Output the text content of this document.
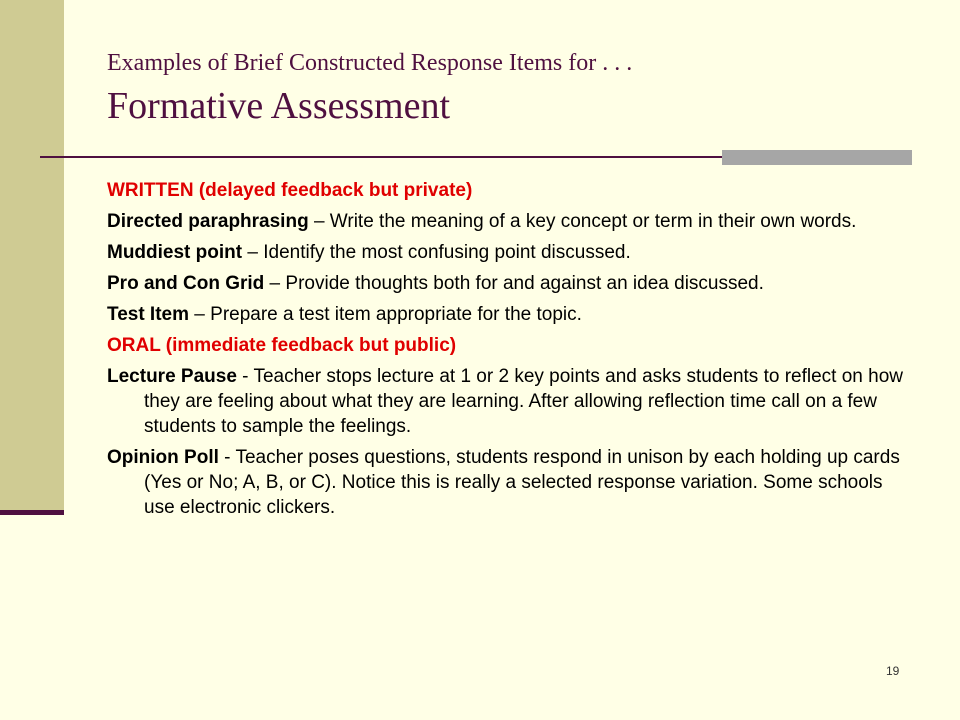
Examples of Brief Constructed Response Items for . . .
Formative Assessment

WRITTEN (delayed feedback but private)

Directed paraphrasing – Write the meaning of a key concept or term in their own words.

Muddiest point – Identify the most confusing point discussed.

Pro and Con Grid – Provide thoughts both for and against an idea discussed.

Test Item – Prepare a test item appropriate for the topic.

ORAL (immediate feedback but public)

Lecture Pause - Teacher stops lecture at 1 or 2 key points and asks students to reflect on how they are feeling about what they are learning. After allowing reflection time call on a few students to sample the feelings.

Opinion Poll - Teacher poses questions, students respond in unison by each holding up cards (Yes or No; A, B, or C). Notice this is really a selected response variation. Some schools use electronic clickers.

19
